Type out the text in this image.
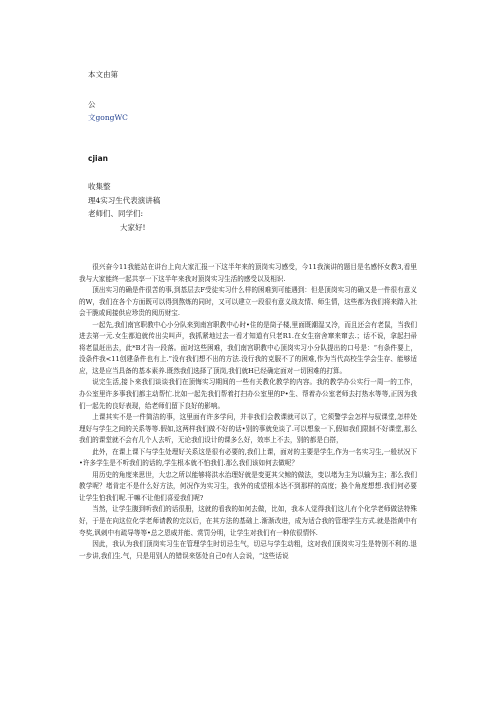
本文由第
公
文gongWC
cjian
收集整
理4实习生代表演讲稿
老师们、同学们:
大家好!

很兴奋今11我能站在讲台上向大家汇报一下这半年来的顶岗实习感受，今11我演讲的题目是名感怀女教3,看里我与大家能终一起共享一下这半年来我对顶岗实习生活的感受以及相识.

顶出实习的确是件很苦的事,到基层去F受徒实习什么样的困难到可能遇到：但是顶岗实习的确又是一件很有意义的W，我们在各个方面既可以得到熬炼的同时，又可以建立一段很有意义战友情、师生情，这些都为我们将来踏入社会干脆或间接供应珍贵的阅历财宝.

一起先,我们南宫职教中心小分队来到南宫职教中心时•住的是筒子楼,里面既潮湿又冷，而且还会有老鼠，当我们进去第一元.女生都迫就传出尖叫声，我抓紧地过去一看才知道有只老R1.在女生宿舍窜来窜去.；话不说，拿起扫帚将老鼠赶出去，此*B才告一段落。面对这些困难，我们南宫职教中心顶岗实习小分队提出的口号是：“有条件要上，没条件我<11创建条件也有上.”没有我们想不出的方法.没行我的克服不了的困难,作为当代高校生学会生存、能够适应，这是应当具备的基本素养.既然我们选择了顶岗,我们就H已经确定面对一切困难的打算。

说完生活,接卜来我们谈谈我们在顶悔实习期间的一些有关教化教学的内容。我的教学办公实行一周一的工作，办公室里许多事我们都主动帮忙.比如一起先我们帮着打扫办公室里的P•生、帮着办公室老师去打热水等等,正因为我们一起先的良好表现，给老师们留下良好的影响。

上课其实不是一件简洁的事，这里面有许多学问，并非我们会教课就可以了，它须警学会怎样与驭课堂,怎样处理好与学生之间的关系等等.假如,这两样我们做不好的话•别的事就免谈了.可以想象一下,假如我们限制不好课堂,那么我们的课堂就不会有几个人去听，无论我们设计的课多么好，效率上不去，别的都是白搭，

此外，在课上课下与学生处理好关系这是很有必要的,我们上课，面对的主要是学生,作为一名实习生,一般状况下•许多学生是不听我们的话的,学生根本就不怕我们.那么我们该如何去做呢？

用历史的角度来思世，大忠之所以能够将洪水治理好就是变更其父鲸的做法，变以堵为主为以输为主；那么我们教学呢？堵肯定不是什么好方法，何况作为实习生，我外的成望根本达不到那样的高度；换个角度想想.我们何必要让学生怕我们呢.干嘛不让他们喜爱我们呢?

当然，让学生腹到听我们的话很册，这就的看我的如何去做，比如，我本人觉得我们这儿有个化学老师做法特殊好，于是在向这位化学老师请教的完以后，在其方法的基础上.渐渐改进，成为适合我的管理学生方式.就是指黄中有夸奖,讽刺中有疏导等等•总之恩威并能、赏罚分明，让学生对我们有一种依很情怀.

因此，我认为我们顶岗实习生在管理学生时切忌生气，切忌与学生动粗，这对我们顶岗实习生是特别不利的.退一步讲,我们生.气，只是用别人的错误来惩处自己0有人会说，“这些话说
